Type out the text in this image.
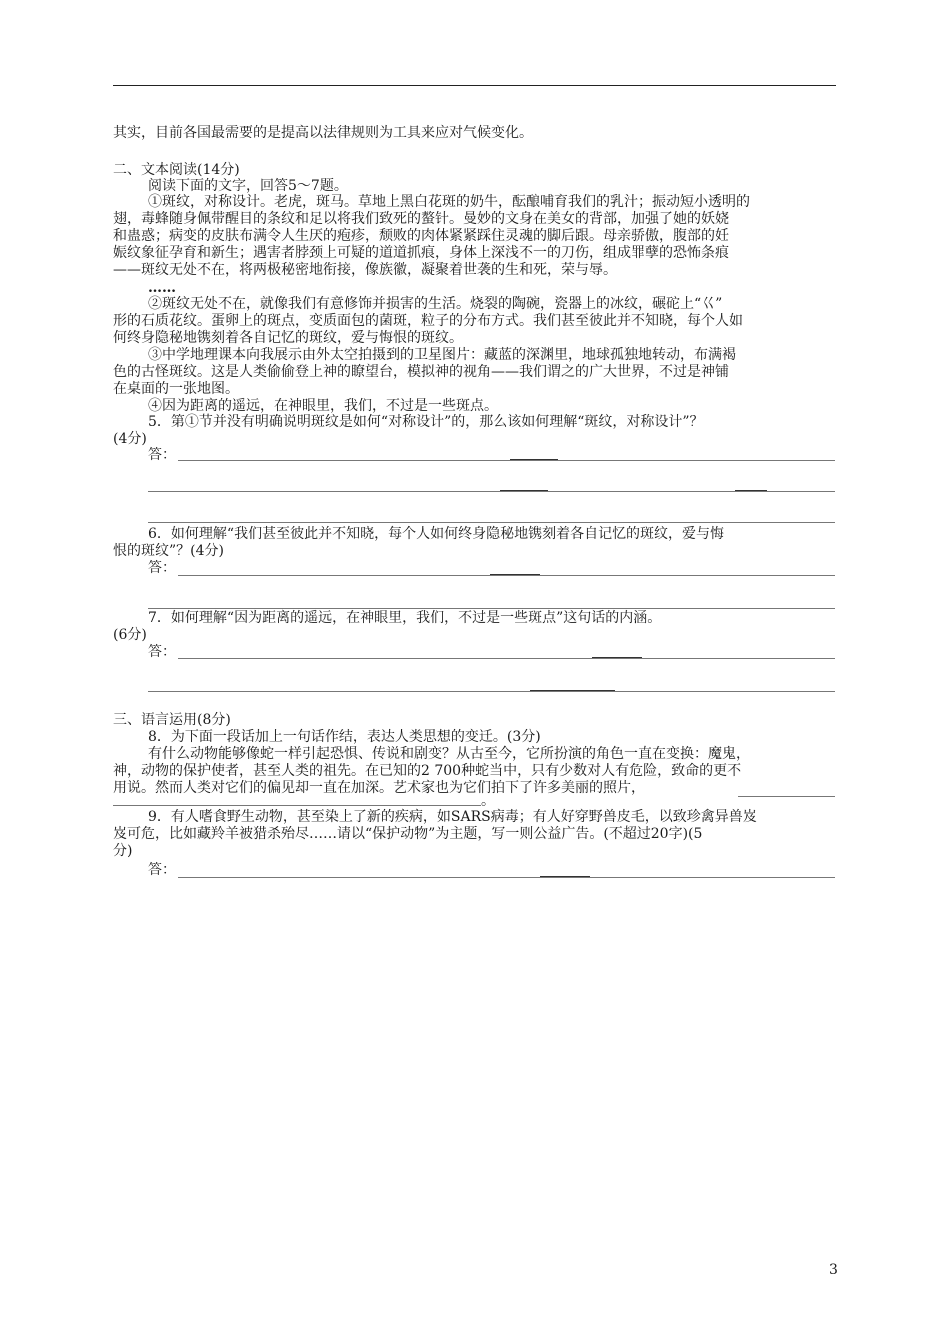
其实，目前各国最需要的是提高以法律规则为工具来应对气候变化。
二、文本阅读(14分)
阅读下面的文字，回答5～7题。
①斑纹，对称设计。老虎，斑马。草地上黑白花斑的奶牛，酝酿哺育我们的乳汁；振动短小透明的
翅，毒蜂随身佩带醒目的条纹和足以将我们致死的螯针。曼妙的文身在美女的背部，加强了她的妖娆
和蛊惑；病变的皮肤布满令人生厌的疱疹，颓败的肉体紧紧踩住灵魂的脚后跟。母亲骄傲，腹部的妊
娠纹象征孕育和新生；遇害者脖颈上可疑的道道抓痕，身体上深浅不一的刀伤，组成罪孽的恐怖条痕
——斑纹无处不在，将两极秘密地衔接，像族徽，凝聚着世袭的生和死，荣与辱。
……
②斑纹无处不在，就像我们有意修饰并损害的生活。烧裂的陶碗，瓷器上的冰纹，碾砣上“巜”
形的石质花纹。蛋卵上的斑点，变质面包的菌斑，粒子的分布方式。我们甚至彼此并不知晓，每个人如
何终身隐秘地镌刻着各自记忆的斑纹，爱与悔恨的斑纹。
③中学地理课本向我展示由外太空拍摄到的卫星图片：藏蓝的深渊里，地球孤独地转动，布满褐
色的古怪斑纹。这是人类偷偷登上神的瞭望台，模拟神的视角——我们谓之的广大世界，不过是神铺
在桌面的一张地图。
④因为距离的遥远，在神眼里，我们，不过是一些斑点。
5．第①节并没有明确说明斑纹是如何“对称设计”的，那么该如何理解“斑纹，对称设计”？
(4分)
答：
6．如何理解“我们甚至彼此并不知晓，每个人如何终身隐秘地镌刻着各自记忆的斑纹，爱与悔
恨的斑纹”？(4分)
答：
7．如何理解“因为距离的遥远，在神眼里，我们，不过是一些斑点”这句话的内涵。
(6分)
答：
三、语言运用(8分)
8．为下面一段话加上一句话作结，表达人类思想的变迁。(3分)
有什么动物能够像蛇一样引起恐惧、传说和剧变？从古至今，它所扮演的角色一直在变换：魔鬼，
神，动物的保护使者，甚至人类的祖先。在已知的2 700种蛇当中，只有少数对人有危险，致命的更不
用说。然而人类对它们的偏见却一直在加深。艺术家也为它们拍下了许多美丽的照片，
。
9．有人嗜食野生动物，甚至染上了新的疾病，如SARS病毒；有人好穿野兽皮毛，以致珍禽异兽岌
岌可危，比如藏羚羊被猎杀殆尽……请以“保护动物”为主题，写一则公益广告。(不超过20字)(5
分)
答：
3
